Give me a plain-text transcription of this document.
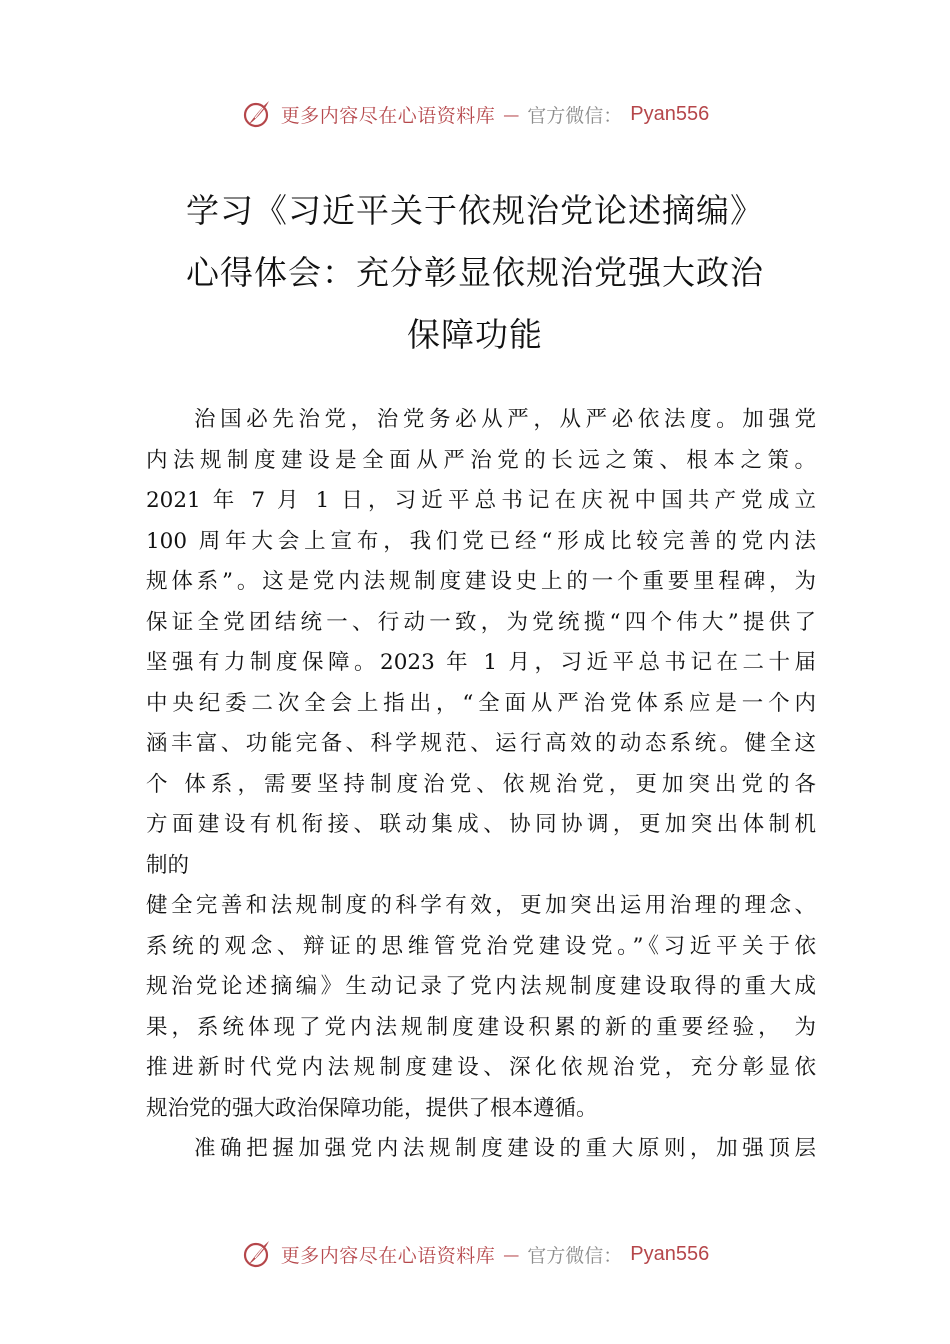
更多内容尽在心语资料库 — 官方微信： Pyan556
学习《习近平关于依规治党论述摘编》
心得体会：充分彰显依规治党强大政治
保障功能
治国必先治党，治党务必从严，从严必依法度。加强党
内法规制度建设是全面从严治党的长远之策、根本之策。
2021 年 7 月 1 日，习近平总书记在庆祝中国共产党成立
100 周年大会上宣布，我们党已经“形成比较完善的党内法
规体系”。这是党内法规制度建设史上的一个重要里程碑，为
保证全党团结统一、行动一致，为党统揽“四个伟大”提供了
坚强有力制度保障。2023 年 1 月，习近平总书记在二十届
中央纪委二次全会上指出，“全面从严治党体系应是一个内
涵丰富、功能完备、科学规范、运行高效的动态系统。健全这
个 体系，需要坚持制度治党、依规治党，更加突出党的各
方面建设有机衔接、联动集成、协同协调，更加突出体制机
制的
健全完善和法规制度的科学有效，更加突出运用治理的理念、
系统的观念、辩证的思维管党治党建设党。”《习近平关于依
规治党论述摘编》生动记录了党内法规制度建设取得的重大成
果，系统体现了党内法规制度建设积累的新的重要经验， 为
推进新时代党内法规制度建设、深化依规治党，充分彰显依
规治党的强大政治保障功能，提供了根本遵循。
准确把握加强党内法规制度建设的重大原则，加强顶层
更多内容尽在心语资料库 — 官方微信： Pyan556
